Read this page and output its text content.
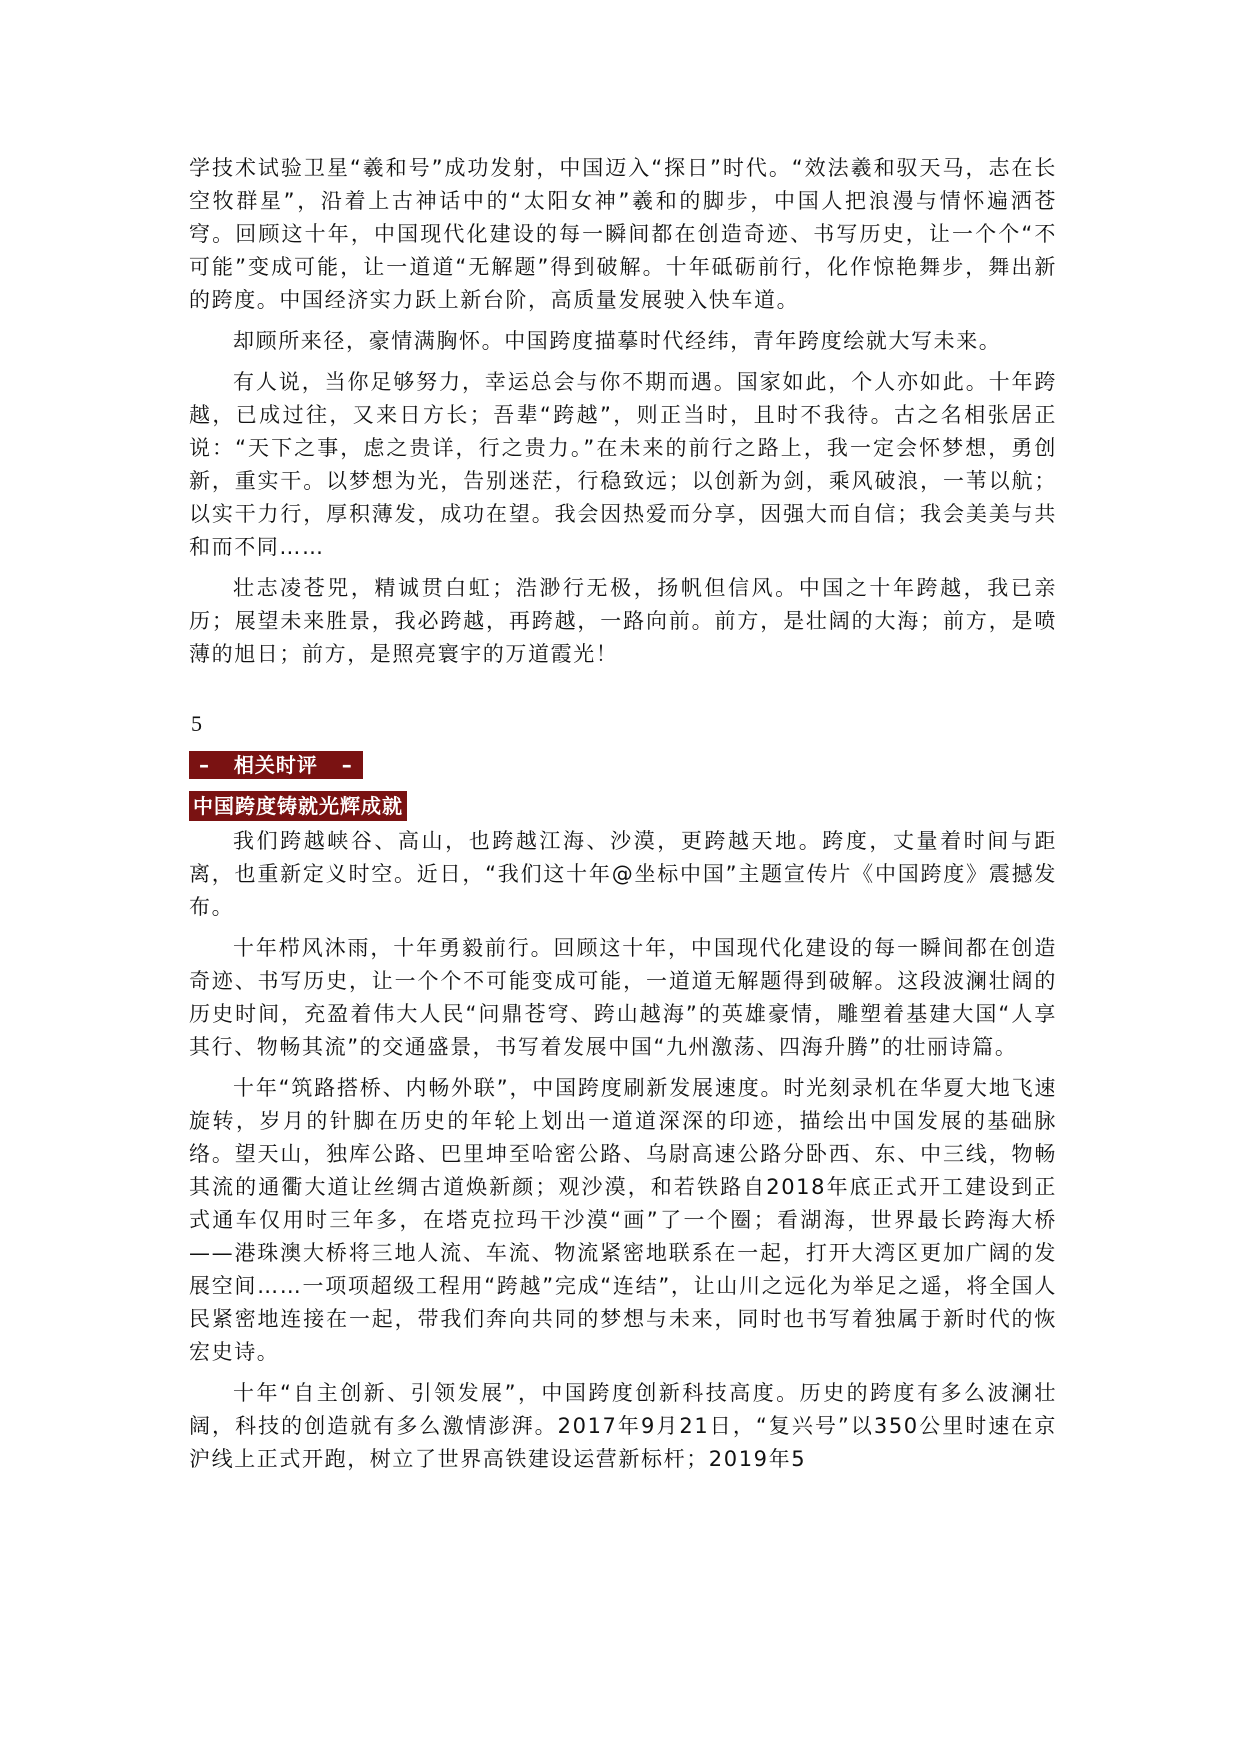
学技术试验卫星“羲和号”成功发射，中国迈入“探日”时代。“效法羲和驭天马，志在长空牧群星”，沿着上古神话中的“太阳女神”羲和的脚步，中国人把浪漫与情怀遍洒苍穹。回顾这十年，中国现代化建设的每一瞬间都在创造奇迹、书写历史，让一个个“不可能”变成可能，让一道道“无解题”得到破解。十年砥砺前行，化作惊艳舞步，舞出新的跨度。中国经济实力跃上新台阶，高质量发展驶入快车道。

却顾所来径，豪情满胸怀。中国跨度描摹时代经纬，青年跨度绘就大写未来。

有人说，当你足够努力，幸运总会与你不期而遇。国家如此，个人亦如此。十年跨越，已成过往，又来日方长；吾辈“跨越”，则正当时，且时不我待。古之名相张居正说：“天下之事，虑之贵详，行之贵力。”在未来的前行之路上，我一定会怀梦想，勇创新，重实干。以梦想为光，告别迷茫，行稳致远；以创新为剑，乘风破浪，一苇以航；以实干力行，厚积薄发，成功在望。我会因热爱而分享，因强大而自信；我会美美与共和而不同……

壮志凌苍兕，精诚贯白虹；浩渺行无极，扬帆但信风。中国之十年跨越，我已亲历；展望未来胜景，我必跨越，再跨越，一路向前。前方，是壮阔的大海；前方，是喷薄的旭日；前方，是照亮寰宇的万道霞光！

5
– 相关时评 –
中国跨度铸就光辉成就

我们跨越峡谷、高山，也跨越江海、沙漠，更跨越天地。跨度，丈量着时间与距离，也重新定义时空。近日，“我们这十年@坐标中国”主题宣传片《中国跨度》震撼发布。

十年栉风沐雨，十年勇毅前行。回顾这十年，中国现代化建设的每一瞬间都在创造奇迹、书写历史，让一个个不可能变成可能，一道道无解题得到破解。这段波澜壮阔的历史时间，充盈着伟大人民“问鼎苍穹、跨山越海”的英雄豪情，雕塑着基建大国“人享其行、物畅其流”的交通盛景，书写着发展中国“九州激荡、四海升腾”的壮丽诗篇。

十年“筑路搭桥、内畅外联”，中国跨度刷新发展速度。时光刻录机在华夏大地飞速旋转，岁月的针脚在历史的年轮上划出一道道深深的印迹，描绘出中国发展的基础脉络。望天山，独库公路、巴里坤至哈密公路、乌尉高速公路分卧西、东、中三线，物畅其流的通衢大道让丝绸古道焕新颜；观沙漠，和若铁路自2018年底正式开工建设到正式通车仅用时三年多，在塔克拉玛干沙漠“画”了一个圈；看湖海，世界最长跨海大桥——港珠澳大桥将三地人流、车流、物流紧密地联系在一起，打开大湾区更加广阔的发展空间……一项项超级工程用“跨越”完成“连结”，让山川之远化为举足之遥，将全国人民紧密地连接在一起，带我们奔向共同的梦想与未来，同时也书写着独属于新时代的恢宏史诗。

十年“自主创新、引领发展”，中国跨度创新科技高度。历史的跨度有多么波澜壮阔，科技的创造就有多么激情澎湃。2017年9月21日，“复兴号”以350公里时速在京沪线上正式开跑，树立了世界高铁建设运营新标杆；2019年5
